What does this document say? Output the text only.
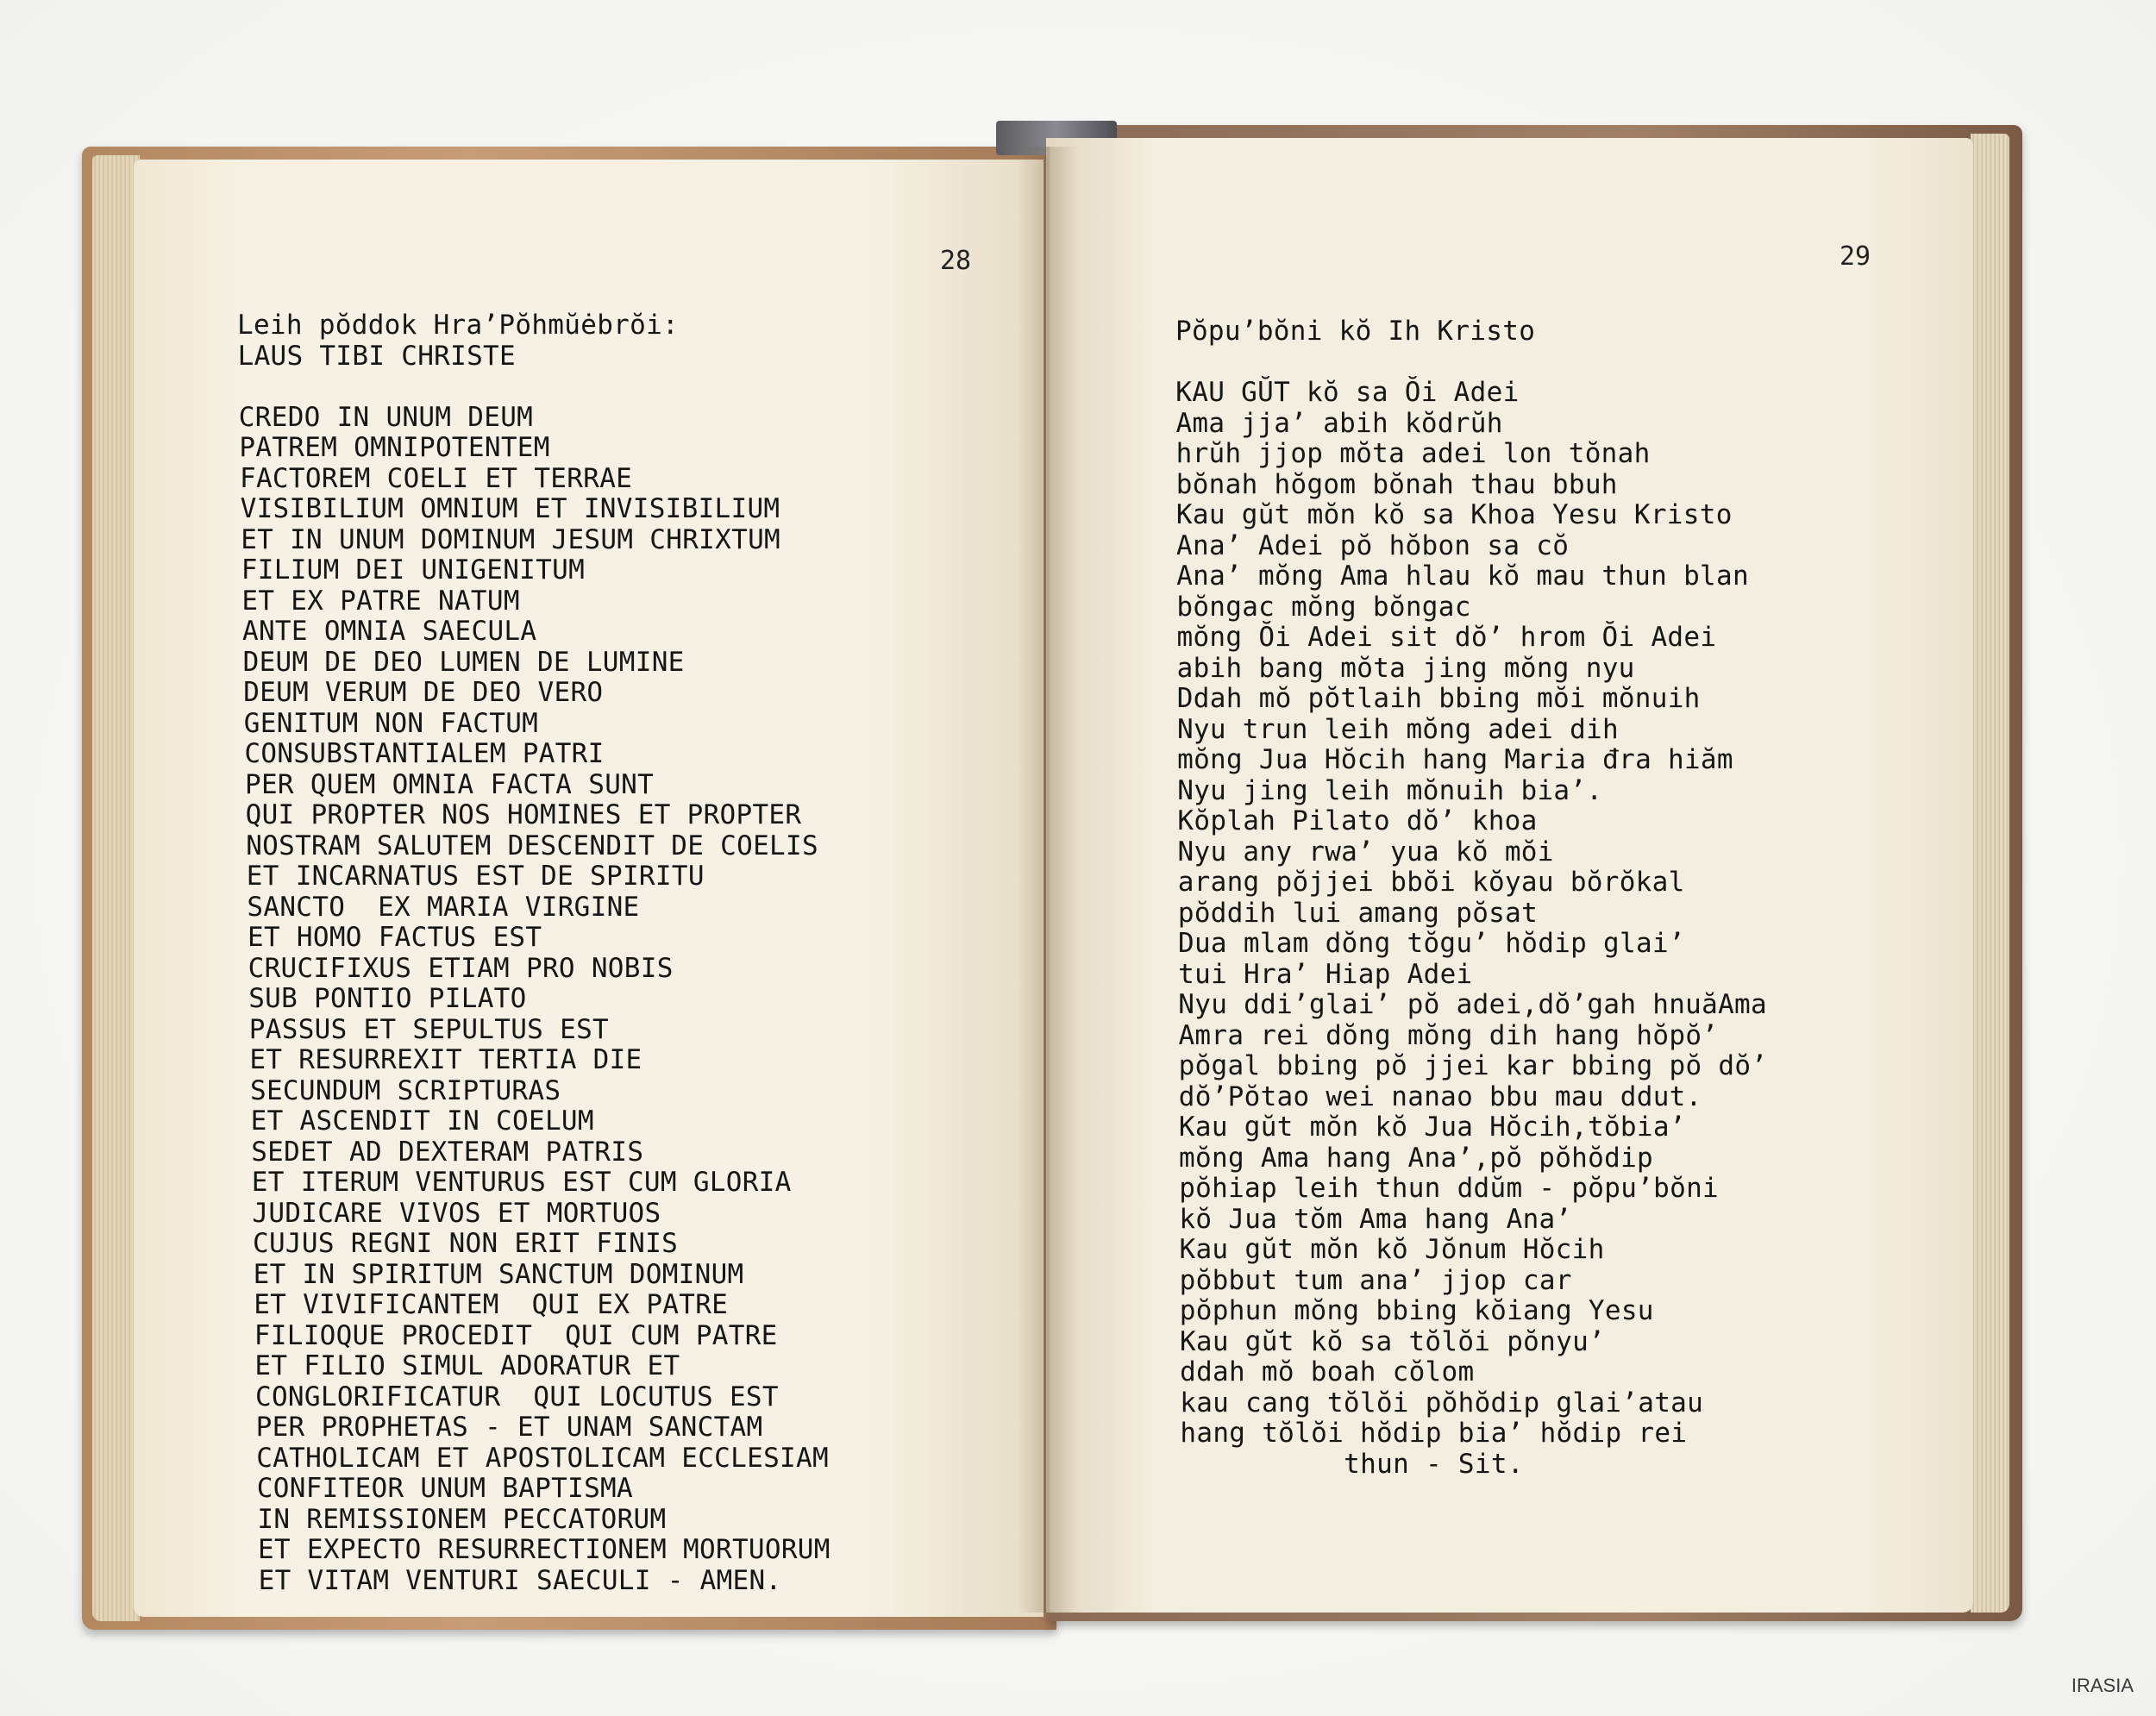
28
Leih pŏddok Hra’Pŏhmŭėbrŏi:
LAUS TIBI CHRISTE
CREDO IN UNUM DEUM
PATREM OMNIPOTENTEM
FACTOREM COELI ET TERRAE
VISIBILIUM OMNIUM ET INVISIBILIUM
ET IN UNUM DOMINUM JESUM CHRIXTUM
FILIUM DEI UNIGENITUM
ET EX PATRE NATUM
ANTE OMNIA SAECULA
DEUM DE DEO LUMEN DE LUMINE
DEUM VERUM DE DEO VERO
GENITUM NON FACTUM
CONSUBSTANTIALEM PATRI
PER QUEM OMNIA FACTA SUNT
QUI PROPTER NOS HOMINES ET PROPTER
NOSTRAM SALUTEM DESCENDIT DE COELIS
ET INCARNATUS EST DE SPIRITU
SANCTO  EX MARIA VIRGINE
ET HOMO FACTUS EST
CRUCIFIXUS ETIAM PRO NOBIS
SUB PONTIO PILATO
PASSUS ET SEPULTUS EST
ET RESURREXIT TERTIA DIE
SECUNDUM SCRIPTURAS
ET ASCENDIT IN COELUM
SEDET AD DEXTERAM PATRIS
ET ITERUM VENTURUS EST CUM GLORIA
JUDICARE VIVOS ET MORTUOS
CUJUS REGNI NON ERIT FINIS
ET IN SPIRITUM SANCTUM DOMINUM
ET VIVIFICANTEM  QUI EX PATRE
FILIOQUE PROCEDIT  QUI CUM PATRE
ET FILIO SIMUL ADORATUR ET
CONGLORIFICATUR  QUI LOCUTUS EST
PER PROPHETAS - ET UNAM SANCTAM
CATHOLICAM ET APOSTOLICAM ECCLESIAM
CONFITEOR UNUM BAPTISMA
IN REMISSIONEM PECCATORUM
ET EXPECTO RESURRECTIONEM MORTUORUM
ET VITAM VENTURI SAECULI - AMEN.
29
Pŏpu’bŏni kŏ Ih Kristo
KAU GŬT kŏ sa Ŏi Adei
Ama jja’ abih kŏdrŭh
hrŭh jjop mŏta adei lon tŏnah
bŏnah hŏgom bŏnah thau bbuh
Kau gŭt mŏn kŏ sa Khoa Yesu Kristo
Ana’ Adei pŏ hŏbon sa cŏ
Ana’ mŏng Ama hlau kŏ mau thun blan
bŏngac mŏng bŏngac
mŏng Ŏi Adei sit dŏ’ hrom Ŏi Adei
abih bang mŏta jing mŏng nyu
Ddah mŏ pŏtlaih bbing mŏi mŏnuih
Nyu trun leih mŏng adei dih
mŏng Jua Hŏcih hang Maria đra hiăm
Nyu jing leih mŏnuih bia’.
Kŏplah Pilato dŏ’ khoa
Nyu any rwa’ yua kŏ mŏi
arang pŏjjei bbŏi kŏyau bŏrŏkal
pŏddih lui amang pŏsat
Dua mlam dŏng tŏgu’ hŏdip glai’
tui Hra’ Hiap Adei
Nyu ddi’glai’ pŏ adei,dŏ’gah hnuăAma
Amra rei dŏng mŏng dih hang hŏpŏ’
pŏgal bbing pŏ jjei kar bbing pŏ dŏ’
dŏ’Pŏtao wei nanao bbu mau ddut.
Kau gŭt mŏn kŏ Jua Hŏcih,tŏbia’
mŏng Ama hang Ana’,pŏ pŏhŏdip
pŏhiap leih thun ddŭm - pŏpu’bŏni
kŏ Jua tŏm Ama hang Ana’
Kau gŭt mŏn kŏ Jŏnum Hŏcih
pŏbbut tum ana’ jjop car
pŏphun mŏng bbing kŏiang Yesu
Kau gŭt kŏ sa tŏlŏi pŏnyu’
ddah mŏ boah cŏlom
kau cang tŏlŏi pŏhŏdip glai’atau
hang tŏlŏi hŏdip bia’ hŏdip rei
thun - Sit.
IRASIA
